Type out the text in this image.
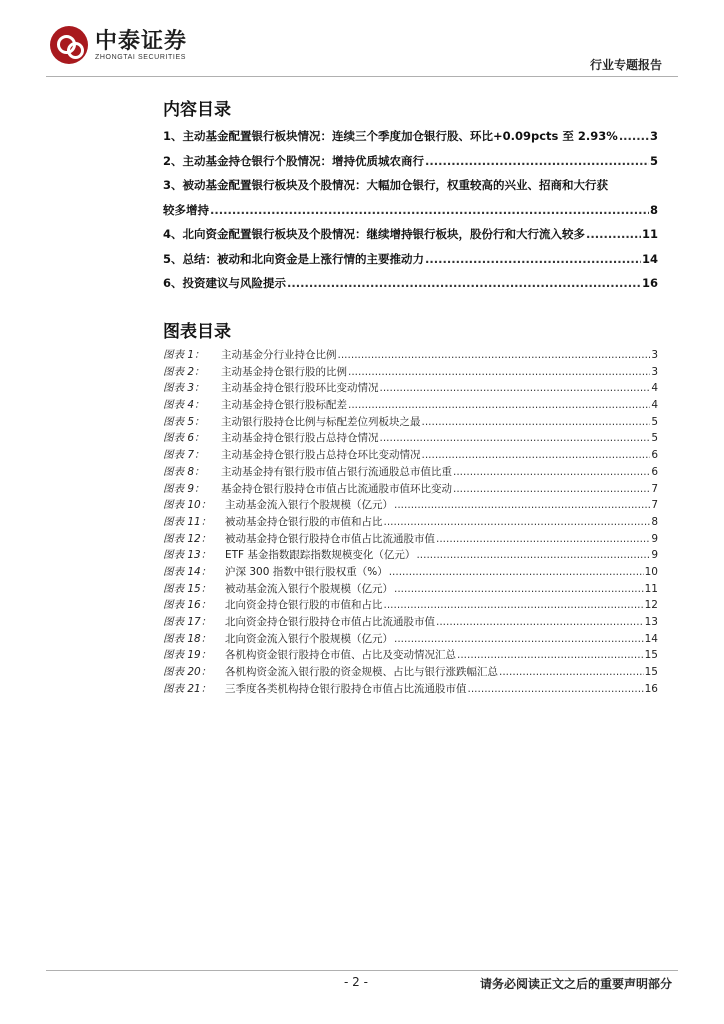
中泰证券
ZHONGTAI SECURITIES
行业专题报告
内容目录
1、主动基金配置银行板块情况：连续三个季度加仓银行股、环比+0.09pcts 至 2.93% .....	3
2、主动基金持仓银行个股情况：增持优质城农商行 .....	5
3、被动基金配置银行板块及个股情况：大幅加仓银行，权重较高的兴业、招商和大行获
较多增持 .....	8
4、北向资金配置银行板块及个股情况：继续增持银行板块，股份行和大行流入较多 .....	11
5、总结：被动和北向资金是上涨行情的主要推动力 .....	14
6、投资建议与风险提示 .....	16
图表目录
图表 1：	主动基金分行业持仓比例 .....	3
图表 2：	主动基金持仓银行股的比例 .....	3
图表 3：	主动基金持仓银行股环比变动情况 .....	4
图表 4：	主动基金持仓银行股标配差 .....	4
图表 5：	主动银行股持仓比例与标配差位列板块之最 .....	5
图表 6：	主动基金持仓银行股占总持仓情况 .....	5
图表 7：	主动基金持仓银行股占总持仓环比变动情况 .....	6
图表 8：	主动基金持有银行股市值占银行流通股总市值比重 .....	6
图表 9：	基金持仓银行股持仓市值占比流通股市值环比变动 .....	7
图表 10：	主动基金流入银行个股规模（亿元） .....	7
图表 11：	被动基金持仓银行股的市值和占比 .....	8
图表 12：	被动基金持仓银行股持仓市值占比流通股市值 .....	9
图表 13：	ETF 基金指数跟踪指数规模变化（亿元） .....	9
图表 14：	沪深 300 指数中银行股权重（%） .....	10
图表 15：	被动基金流入银行个股规模（亿元） .....	11
图表 16：	北向资金持仓银行股的市值和占比 .....	12
图表 17：	北向资金持仓银行股持仓市值占比流通股市值 .....	13
图表 18：	北向资金流入银行个股规模（亿元） .....	14
图表 19：	各机构资金银行股持仓市值、占比及变动情况汇总 .....	15
图表 20：	各机构资金流入银行股的资金规模、占比与银行涨跌幅汇总 .....	15
图表 21：	三季度各类机构持仓银行股持仓市值占比流通股市值 .....	16
- 2 -	请务必阅读正文之后的重要声明部分
